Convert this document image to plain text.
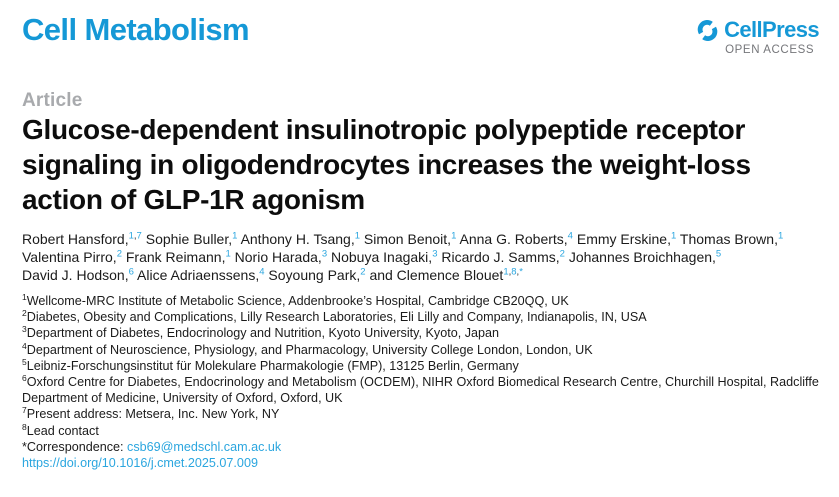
Cell Metabolism	CellPress
OPEN ACCESS
Article
Glucose-dependent insulinotropic polypeptide receptor signaling in oligodendrocytes increases the weight-loss action of GLP-1R agonism
Robert Hansford,$^{1,7}$ Sophie Buller,$^1$ Anthony H. Tsang,$^1$ Simon Benoit,$^1$ Anna G. Roberts,$^4$ Emmy Erskine,$^1$ Thomas Brown,$^1$ Valentina Pirro,$^2$ Frank Reimann,$^1$ Norio Harada,$^3$ Nobuya Inagaki,$^3$ Ricardo J. Samms,$^2$ Johannes Broichhagen,$^5$ David J. Hodson,$^6$ Alice Adriaenssens,$^4$ Soyoung Park,$^2$ and Clemence Blouet$^{1,8,*}$
$^1$Wellcome-MRC Institute of Metabolic Science, Addenbrooke’s Hospital, Cambridge CB20QQ, UK
$^2$Diabetes, Obesity and Complications, Lilly Research Laboratories, Eli Lilly and Company, Indianapolis, IN, USA
$^3$Department of Diabetes, Endocrinology and Nutrition, Kyoto University, Kyoto, Japan
$^4$Department of Neuroscience, Physiology, and Pharmacology, University College London, London, UK
$^5$Leibniz-Forschungsinstitut für Molekulare Pharmakologie (FMP), 13125 Berlin, Germany
$^6$Oxford Centre for Diabetes, Endocrinology and Metabolism (OCDEM), NIHR Oxford Biomedical Research Centre, Churchill Hospital, Radcliffe Department of Medicine, University of Oxford, Oxford, UK
$^7$Present address: Metsera, Inc. New York, NY
$^8$Lead contact
*Correspondence: csb69@medschl.cam.ac.uk
https://doi.org/10.1016/j.cmet.2025.07.009
